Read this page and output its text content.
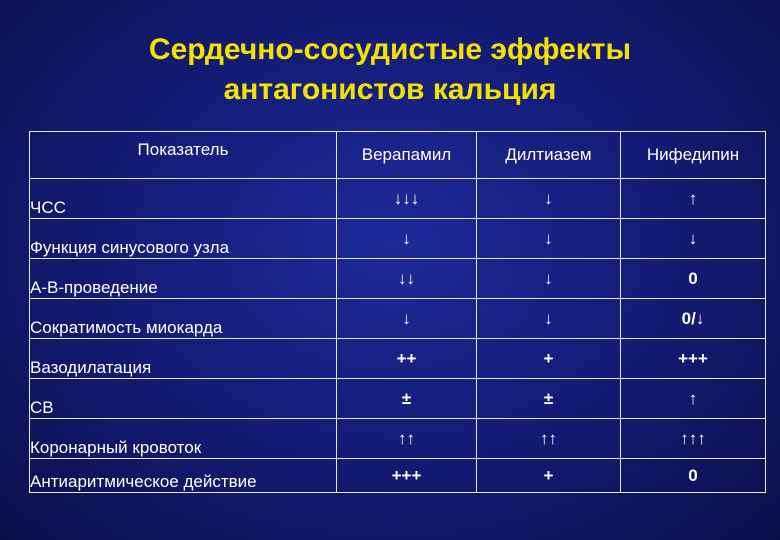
Сердечно-сосудистые эффекты
антагонистов кальция
Показатель	Верапамил	Дилтиазем	Нифедипин
ЧСС	↓↓↓	↓	↑
Функция синусового узла	↓	↓	↓
А-В-проведение	↓↓	↓	0
Сократимость миокарда	↓	↓	0/↓
Вазодилатация	++	+	+++
СВ	±	±	↑
Коронарный кровоток	↑↑	↑↑	↑↑↑
Антиаритмическое действие	+++	+	0
